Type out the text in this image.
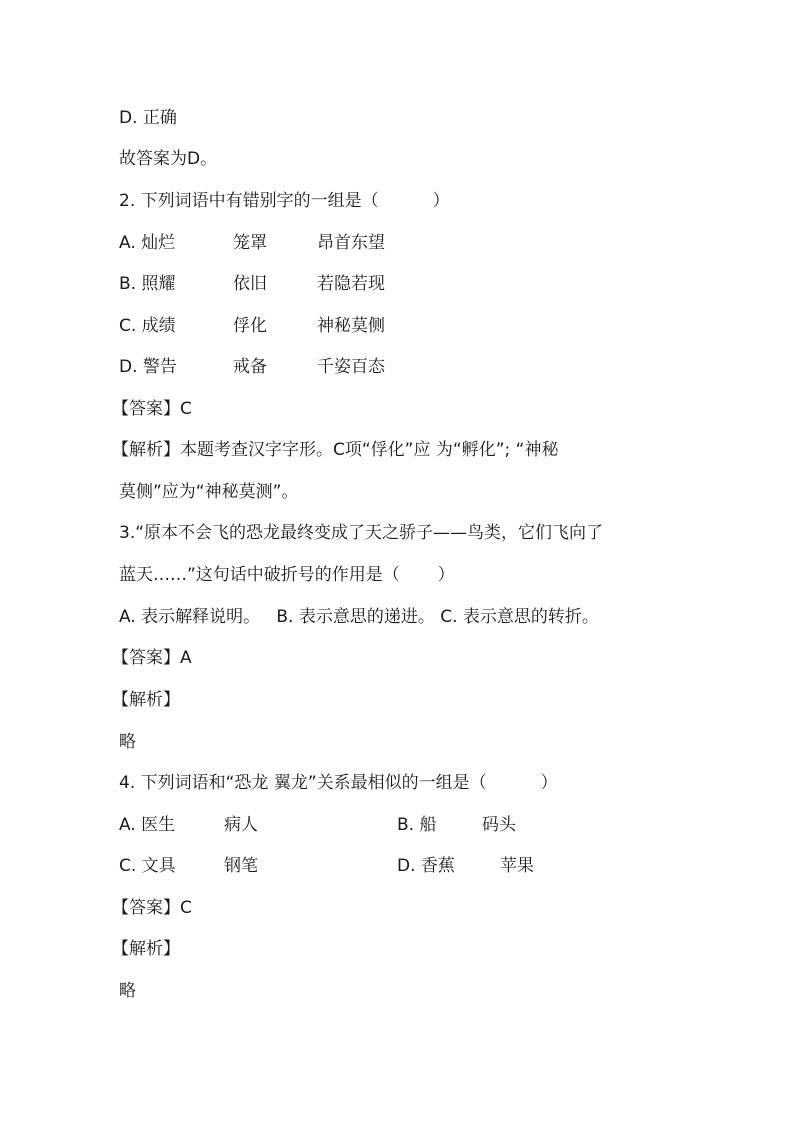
D. 正确
故答案为D。
2. 下列词语中有错别字的一组是（          ）
A. 灿烂	笼罩	昂首东望
B. 照耀	依旧	若隐若现
C. 成绩	俘化	神秘莫侧
D. 警告	戒备	千姿百态
【答案】C
【解析】本题考查汉字字形。C项“俘化”应 为“孵化”; “神秘
莫侧”应为“神秘莫测”。
3.“原本不会飞的恐龙最终变成了天之骄子——鸟类，它们飞向了
蓝天……”这句话中破折号的作用是（       ）
A. 表示解释说明。   B. 表示意思的递进。 C. 表示意思的转折。
【答案】A
【解析】
略
4. 下列词语和“恐龙 翼龙”关系最相似的一组是（          ）
A. 医生	病人	B. 船	码头
C. 文具	钢笔	D. 香蕉	苹果
【答案】C
【解析】
略
